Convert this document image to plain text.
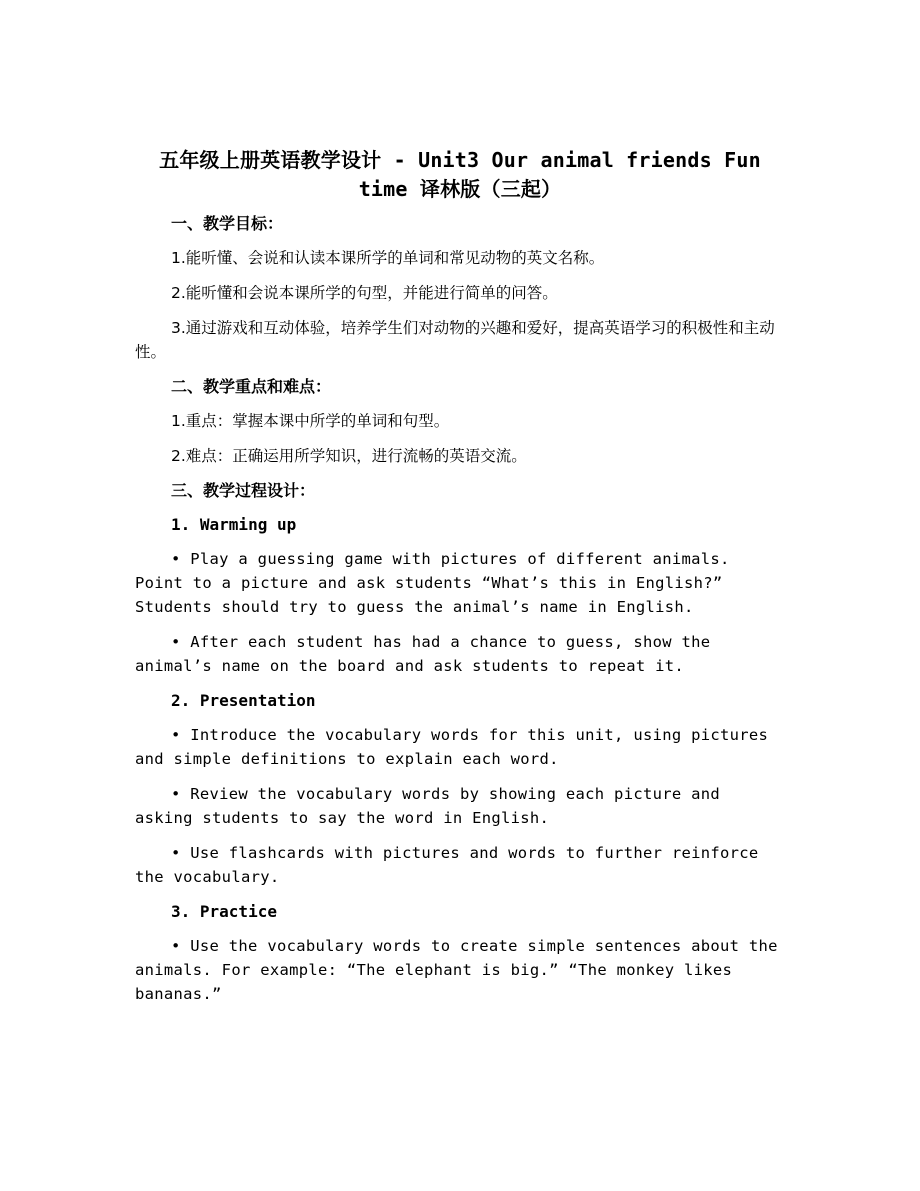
五年级上册英语教学设计 - Unit3 Our animal friends Fun time 译林版（三起）
一、教学目标：
1.能听懂、会说和认读本课所学的单词和常见动物的英文名称。
2.能听懂和会说本课所学的句型，并能进行简单的问答。
3.通过游戏和互动体验，培养学生们对动物的兴趣和爱好，提高英语学习的积极性和主动性。
二、教学重点和难点：
1.重点：掌握本课中所学的单词和句型。
2.难点：正确运用所学知识，进行流畅的英语交流。
三、教学过程设计：
1. Warming up
• Play a guessing game with pictures of different animals. Point to a picture and ask students “What’s this in English?” Students should try to guess the animal’s name in English.
• After each student has had a chance to guess, show the animal’s name on the board and ask students to repeat it.
2. Presentation
• Introduce the vocabulary words for this unit, using pictures and simple definitions to explain each word.
• Review the vocabulary words by showing each picture and asking students to say the word in English.
• Use flashcards with pictures and words to further reinforce the vocabulary.
3. Practice
• Use the vocabulary words to create simple sentences about the animals. For example: “The elephant is big.” “The monkey likes bananas.”
